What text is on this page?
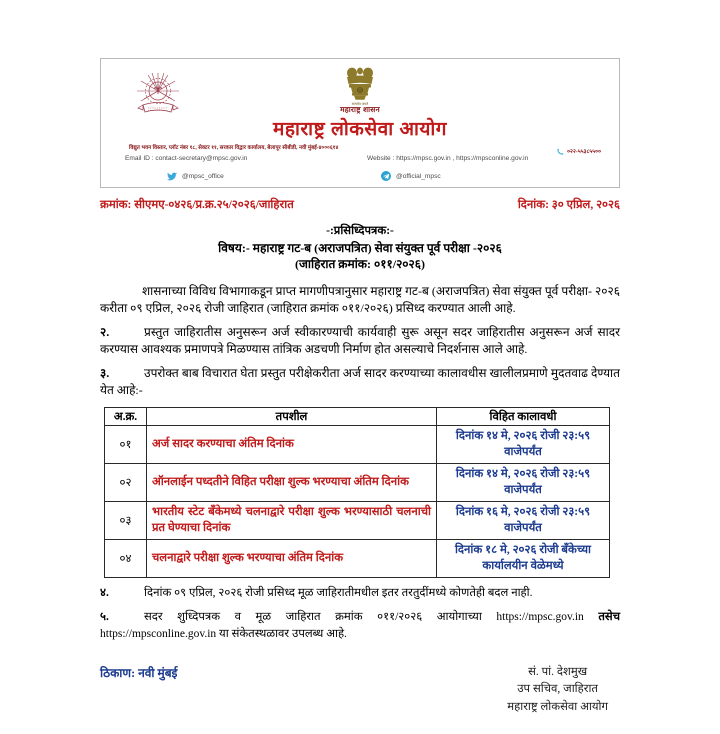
सत्यमेव जयते
महाराष्ट्र शासन
महाराष्ट्र लोकसेवा आयोग
विद्युत भवन विस्तार, प्लॉट नंबर १८, सेक्टर ११, सरकार विद्वार कार्यालय, बेलापूर सीबीडी, नवी मुंबई-४०००६१४
०२२-५५३८५५००
Email ID : contact-secretary@mpsc.gov.in	Website : https://mpsc.gov.in , https://mpsconline.gov.in
@mpsc_office	@official_mpsc
क्रमांक: सीएमए-०४२६/प्र.क्र.२५/२०२६/जाहिरात	दिनांक: ३० एप्रिल, २०२६
-:प्रसिध्दिपत्रक:-
विषय:- महाराष्ट्र गट-ब (अराजपत्रित) सेवा संयुक्त पूर्व परीक्षा -२०२६
(जाहिरात क्रमांक: ०११/२०२६)
शासनाच्या विविध विभागाकडून प्राप्त मागणीपत्रानुसार महाराष्ट्र गट-ब (अराजपत्रित) सेवा संयुक्त पूर्व परीक्षा- २०२६ करीता ०९ एप्रिल, २०२६ रोजी जाहिरात (जाहिरात क्रमांक ०११/२०२६) प्रसिध्द करण्यात आली आहे.
२.	प्रस्तुत जाहिरातीस अनुसरून अर्ज स्वीकारण्याची कार्यवाही सुरू असून सदर जाहिरातीस अनुसरून अर्ज सादर करण्यास आवश्यक प्रमाणपत्रे मिळण्यास तांत्रिक अडचणी निर्माण होत असल्याचे निदर्शनास आले आहे.
३.	उपरोक्त बाब विचारात घेता प्रस्तुत परीक्षेकरीता अर्ज सादर करण्याच्या कालावधीस खालीलप्रमाणे मुदतवाढ देण्यात येत आहे:-
अ.क्र.	तपशील	विहित कालावधी
०१	अर्ज सादर करण्याचा अंतिम दिनांक	दिनांक १४ मे, २०२६ रोजी २३:५९ वाजेपर्यंत
०२	ऑनलाईन पध्दतीने विहित परीक्षा शुल्क भरण्याचा अंतिम दिनांक	दिनांक १४ मे, २०२६ रोजी २३:५९ वाजेपर्यंत
०३	भारतीय स्टेट बँकेमध्ये चलनाद्वारे परीक्षा शुल्क भरण्यासाठी चलनाची प्रत घेण्याचा दिनांक	दिनांक १६ मे, २०२६ रोजी २३:५९ वाजेपर्यंत
०४	चलनाद्वारे परीक्षा शुल्क भरण्याचा अंतिम दिनांक	दिनांक १८ मे, २०२६ रोजी बँकेच्या कार्यालयीन वेळेमध्ये
४.	दिनांक ०९ एप्रिल, २०२६ रोजी प्रसिध्द मूळ जाहिरातीमधील इतर तरतुदींमध्ये कोणतेही बदल नाही.
५.	सदर शुध्दिपत्रक व मूळ जाहिरात क्रमांक ०११/२०२६ आयोगाच्या https://mpsc.gov.in तसेच https://mpsconline.gov.in या संकेतस्थळावर उपलब्ध आहे.
ठिकाण: नवी मुंबई	सं. पां. देशमुख
उप सचिव, जाहिरात
महाराष्ट्र लोकसेवा आयोग
